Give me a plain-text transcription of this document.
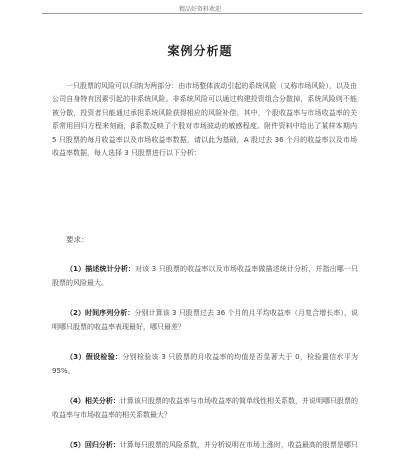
精品好资料欢迎
案例分析题
一只股票的风险可以归纳为两部分：由市场整体波动引起的系统风险（又称市场风险），以及由公司自身特有因素引起的非系统风险。非系统风险可以通过构建投资组合分散掉，系统风险则不能被分散，投资者只能通过承担系统风险获得相应的风险补偿。其中，个股收益率与市场收益率的关系常用回归方程来刻画，β系数反映了个股对市场波动的敏感程度。附件资料中给出了某样本期内 5 只股票的每月收益率以及市场收益率数据，请以此为基础，A 股过去 36 个月的收益率以及市场收益率数据，每人选择 3 只股票进行以下分析：
要求：
（1）描述统计分析：对该 3 只股票的收益率以及市场收益率做描述统计分析，并指出哪一只股票的风险最大。
（2）时间序列分析：分别计算该 3 只股票过去 36 个月的月平均收益率（月复合增长率），说明哪只股票的收益率表现最好，哪只最差？
（3）假设检验：分别检验该 3 只股票的月收益率的均值是否显著大于 0，检验置信水平为 95%。
（4）相关分析：计算该只股票的收益率与市场收益率的简单线性相关系数，并说明哪只股票的收益率与市场收益率的相关系数最大？
（5）回归分析：计算每只股票的风险系数，并分析说明在市场上涨时，收益最高的股票是哪只
